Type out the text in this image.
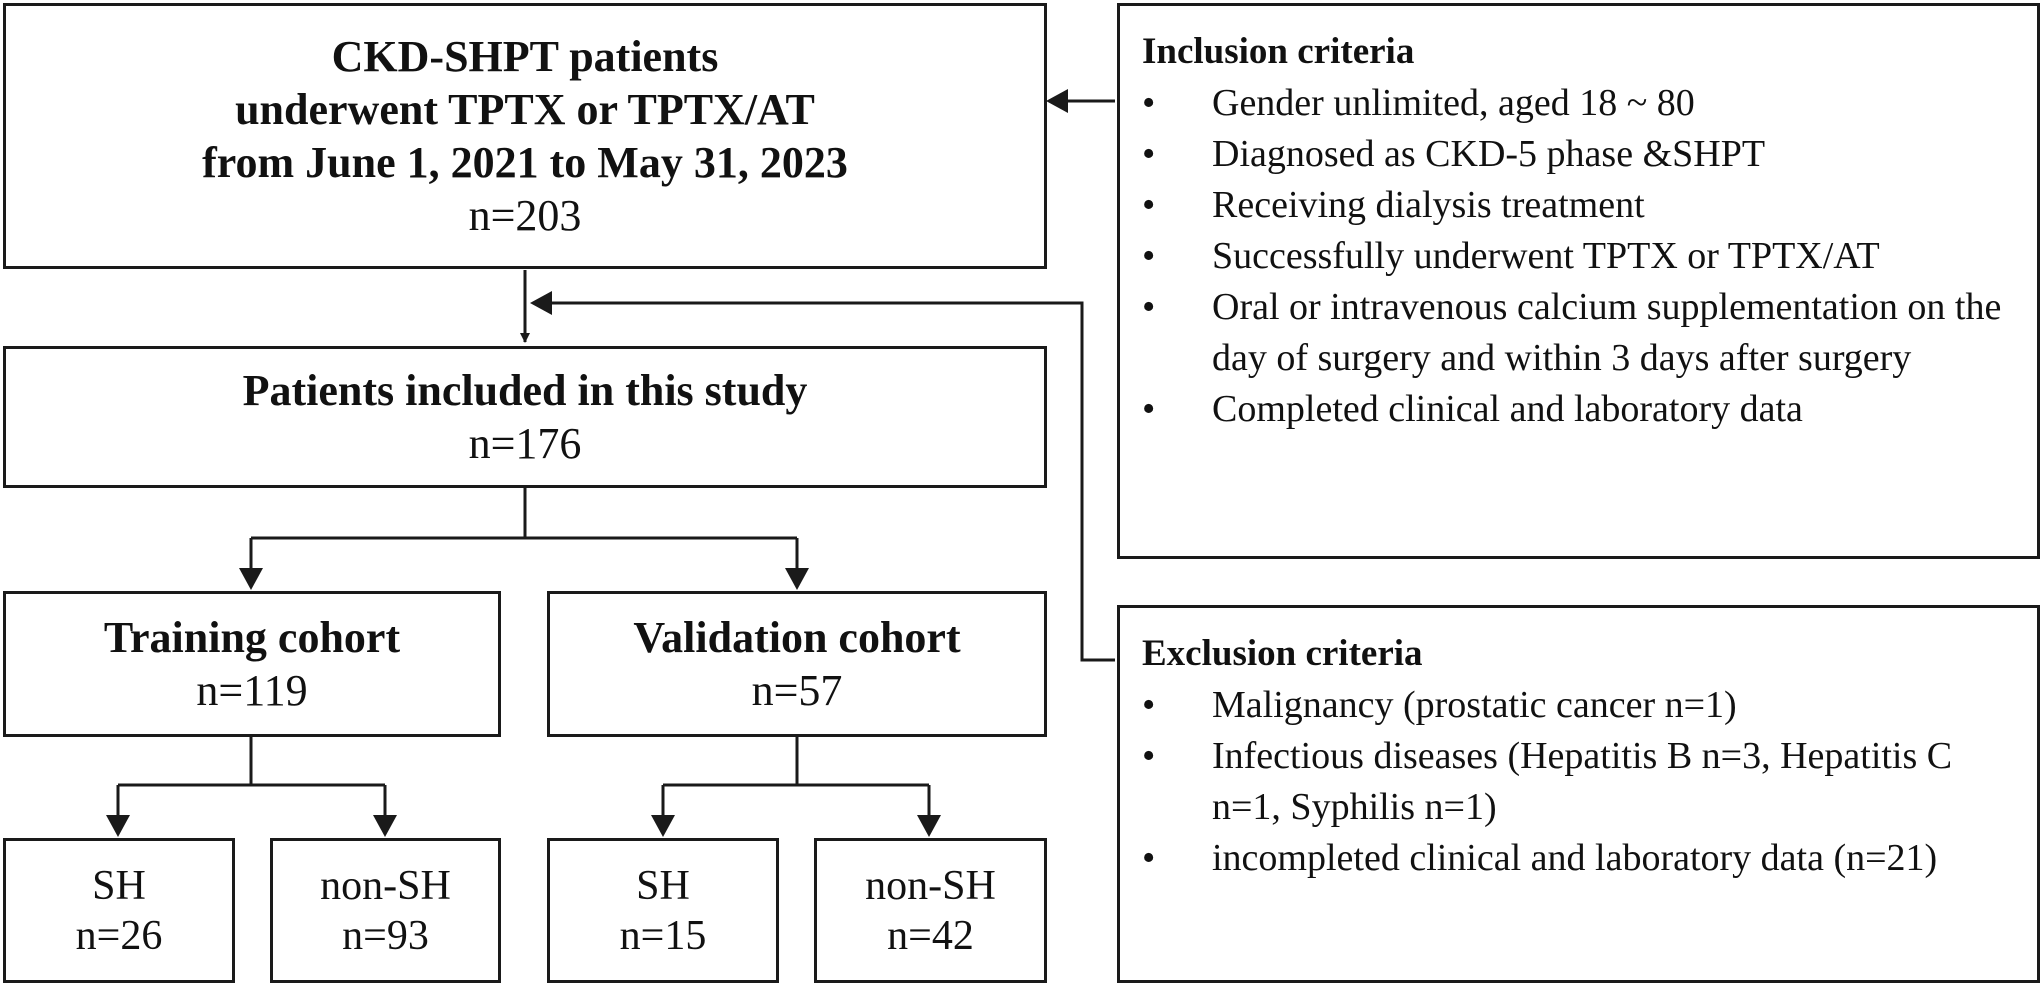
CKD-SHPT patients
underwent TPTX or TPTX/AT
from June 1, 2021 to May 31, 2023
n=203
Patients included in this study
n=176
Training cohort
n=119
Validation cohort
n=57
SH
n=26
non-SH
n=93
SH
n=15
non-SH
n=42
Inclusion criteria
•	Gender unlimited, aged 18 ~ 80
•	Diagnosed as CKD-5 phase &SHPT
•	Receiving dialysis treatment
•	Successfully underwent TPTX or TPTX/AT
•	Oral or intravenous calcium supplementation on the day of surgery and within 3 days after surgery
•	Completed clinical and laboratory data
Exclusion criteria
•	Malignancy (prostatic cancer n=1)
•	Infectious diseases (Hepatitis B n=3, Hepatitis C n=1, Syphilis n=1)
•	incompleted clinical and laboratory data (n=21)
